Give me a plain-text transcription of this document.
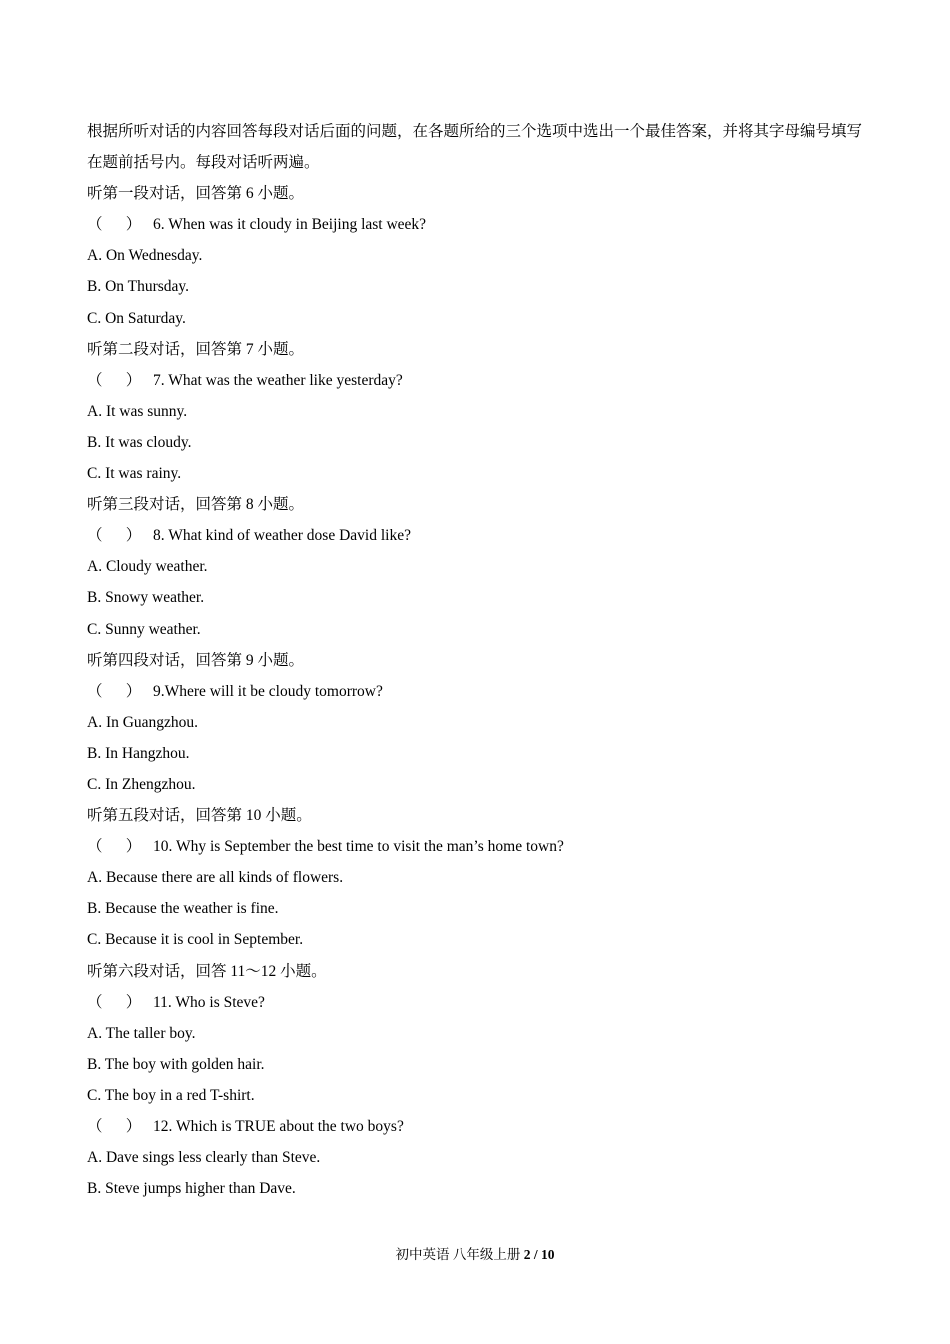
根据所听对话的内容回答每段对话后面的问题，在各题所给的三个选项中选出一个最佳答案，并将其字母编号填写在题前括号内。每段对话听两遍。
听第一段对话，回答第 6 小题。
（      ） 6. When was it cloudy in Beijing last week?
A. On Wednesday.
B. On Thursday.
C. On Saturday.
听第二段对话，回答第 7 小题。
（      ） 7. What was the weather like yesterday?
A. It was sunny.
B. It was cloudy.
C. It was rainy.
听第三段对话，回答第 8 小题。
（      ） 8. What kind of weather dose David like?
A. Cloudy weather.
B. Snowy weather.
C. Sunny weather.
听第四段对话，回答第 9 小题。
（      ） 9.Where will it be cloudy tomorrow?
A. In Guangzhou.
B. In Hangzhou.
C. In Zhengzhou.
听第五段对话，回答第 10 小题。
（      ） 10. Why is September the best time to visit the man’s home town?
A. Because there are all kinds of flowers.
B. Because the weather is fine.
C. Because it is cool in September.
听第六段对话，回答 11～12 小题。
（      ） 11. Who is Steve?
A. The taller boy.
B. The boy with golden hair.
C. The boy in a red T-shirt.
（      ） 12. Which is TRUE about the two boys?
A. Dave sings less clearly than Steve.
B. Steve jumps higher than Dave.
初中英语 八年级上册 2 / 10
